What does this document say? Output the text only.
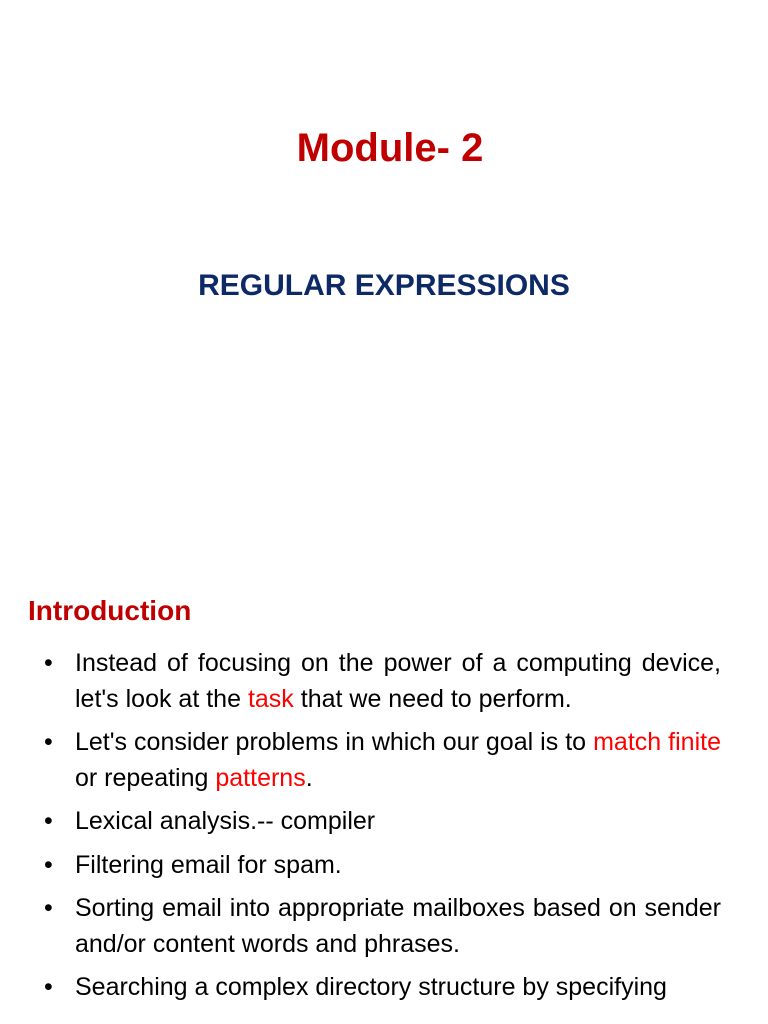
Module- 2
REGULAR EXPRESSIONS
Introduction
• Instead of focusing on the power of a computing device, let's look at the task that we need to perform.
• Let's consider problems in which our goal is to match finite or repeating patterns.
• Lexical analysis.-- compiler
• Filtering email for spam.
• Sorting email into appropriate mailboxes based on sender and/or content words and phrases.
• Searching a complex directory structure by specifying
